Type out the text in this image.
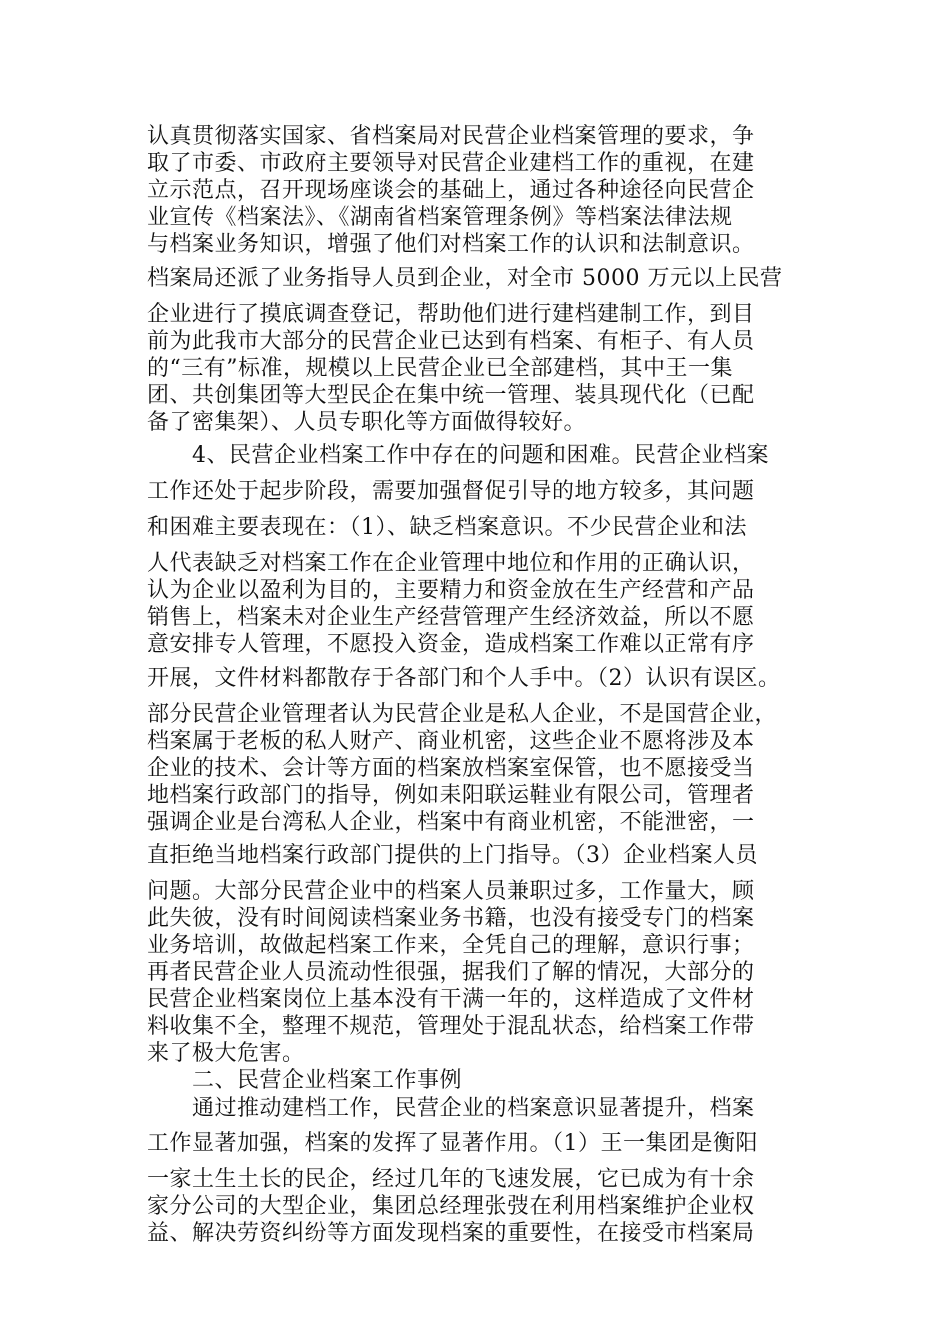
认真贯彻落实国家、省档案局对民营企业档案管理的要求，争
取了市委、市政府主要领导对民营企业建档工作的重视，在建
立示范点，召开现场座谈会的基础上，通过各种途径向民营企
业宣传《档案法》、《湖南省档案管理条例》等档案法律法规
与档案业务知识，增强了他们对档案工作的认识和法制意识。
档案局还派了业务指导人员到企业，对全市 5000 万元以上民营
企业进行了摸底调查登记，帮助他们进行建档建制工作，到目
前为此我市大部分的民营企业已达到有档案、有柜子、有人员
的“三有”标准，规模以上民营企业已全部建档，其中王一集
团、共创集团等大型民企在集中统一管理、装具现代化（已配
备了密集架）、人员专职化等方面做得较好。
4、民营企业档案工作中存在的问题和困难。民营企业档案
工作还处于起步阶段，需要加强督促引导的地方较多，其问题
和困难主要表现在：（1）、缺乏档案意识。不少民营企业和法
人代表缺乏对档案工作在企业管理中地位和作用的正确认识，
认为企业以盈利为目的，主要精力和资金放在生产经营和产品
销售上，档案未对企业生产经营管理产生经济效益，所以不愿
意安排专人管理，不愿投入资金，造成档案工作难以正常有序
开展，文件材料都散存于各部门和个人手中。（2）认识有误区。
部分民营企业管理者认为民营企业是私人企业，不是国营企业，
档案属于老板的私人财产、商业机密，这些企业不愿将涉及本
企业的技术、会计等方面的档案放档案室保管，也不愿接受当
地档案行政部门的指导，例如耒阳联运鞋业有限公司，管理者
强调企业是台湾私人企业，档案中有商业机密，不能泄密，一
直拒绝当地档案行政部门提供的上门指导。（3）企业档案人员
问题。大部分民营企业中的档案人员兼职过多，工作量大，顾
此失彼，没有时间阅读档案业务书籍，也没有接受专门的档案
业务培训，故做起档案工作来，全凭自己的理解，意识行事；
再者民营企业人员流动性很强，据我们了解的情况，大部分的
民营企业档案岗位上基本没有干满一年的，这样造成了文件材
料收集不全，整理不规范，管理处于混乱状态，给档案工作带
来了极大危害。
二、民营企业档案工作事例
通过推动建档工作，民营企业的档案意识显著提升，档案
工作显著加强，档案的发挥了显著作用。（1）王一集团是衡阳
一家土生土长的民企，经过几年的飞速发展，它已成为有十余
家分公司的大型企业，集团总经理张弢在利用档案维护企业权
益、解决劳资纠纷等方面发现档案的重要性，在接受市档案局
